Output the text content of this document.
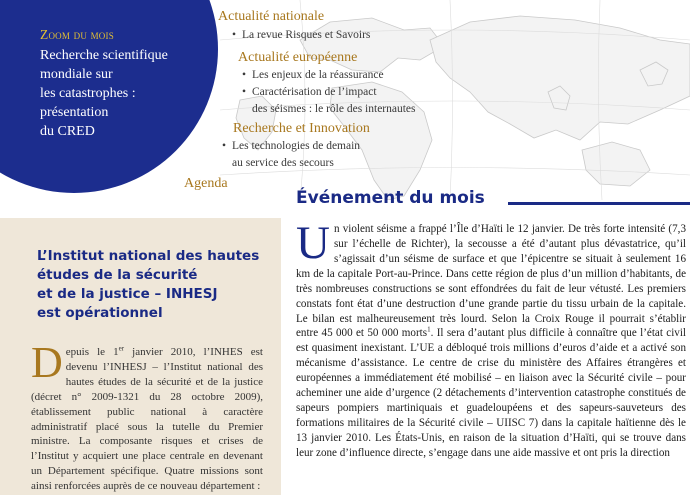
Zoom du mois
Recherche scientifique
mondiale sur
les catastrophes :
présentation
du CRED
Actualité nationale
• La revue Risques et Savoirs
Actualité européenne
• Les enjeux de la réassurance
• Caractérisation de l’impact
des séismes : le rôle des internautes
Recherche et Innovation
• Les technologies de demain
au service des secours
Agenda
L’Institut national des hautes
études de la sécurité
et de la justice – INHESJ
est opérationnel
Depuis le 1er janvier 2010, l’INHES est devenu l’INHESJ – l’Institut national des hautes études de la sécurité et de la justice (décret n° 2009-1321 du 28 octobre 2009), établissement public national à caractère administratif placé sous la tutelle du Premier ministre. La composante risques et crises de l’Institut y acquiert une place centrale en devenant un Département spécifique. Quatre missions sont ainsi renforcées auprès de ce nouveau département :
Événement du mois
Un violent séisme a frappé l’Île d’Haïti le 12 janvier. De très forte intensité (7,3 sur l’échelle de Richter), la secousse a été d’autant plus dévastatrice, qu’il s’agissait d’un séisme de surface et que l’épicentre se situait à seulement 16 km de la capitale Port-au-Prince. Dans cette région de plus d’un million d’habitants, de très nombreuses constructions se sont effondrées du fait de leur vétusté. Les premiers constats font état d’une destruction d’une grande partie du tissu urbain de la capitale. Le bilan est malheureusement très lourd. Selon la Croix Rouge il pourrait s’établir entre 45 000 et 50 000 morts$^1$. Il sera d’autant plus difficile à connaître que l’état civil est quasiment inexistant. L’UE a débloqué trois millions d’euros d’aide et a activé son mécanisme d’assistance. Le centre de crise du ministère des Affaires étrangères et européennes a immédiatement été mobilisé – en liaison avec la Sécurité civile – pour acheminer une aide d’urgence (2 détachements d’intervention catastrophe constitués de sapeurs pompiers martiniquais et guadeloupéens et des sapeurs-sauveteurs des formations militaires de la Sécurité civile – UIISC 7) dans la capitale haïtienne dès le 13 janvier 2010. Les États-Unis, en raison de la situation d’Haïti, qui se trouve dans leur zone d’influence directe, s’engage dans une aide massive et ont pris la direction
